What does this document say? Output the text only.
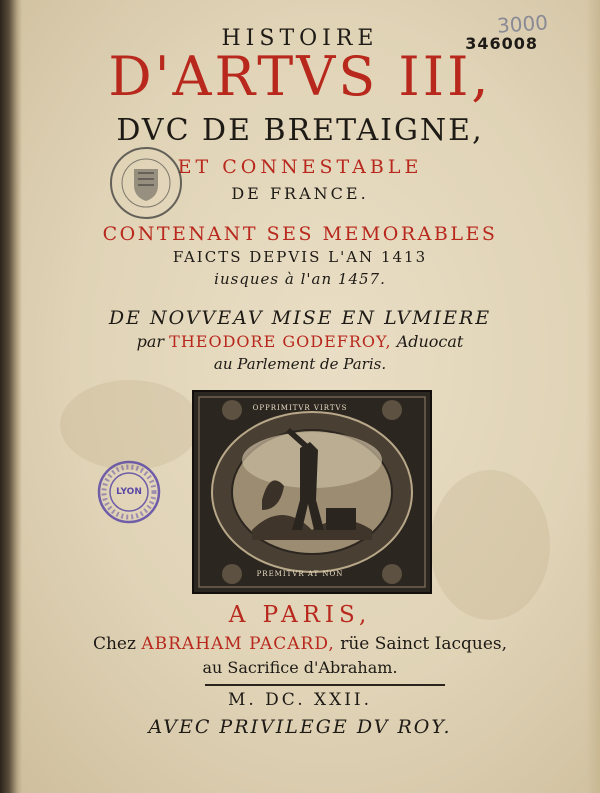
3000
346008
HISTOIRE
D'ARTVS III,
DVC DE BRETAIGNE,
ET CONNESTABLE
DE FRANCE.
CONTENANT SES MEMORABLES
FAICTS DEPVIS L'AN 1413
iusques à l'an 1457.
DE NOVVEAV MISE EN LVMIERE
par THEODORE GODEFROY, Aduocat
au Parlement de Paris.
OPPRIMITVR VIRTVS
PREMITVR AT NON
LYON
A PARIS,
Chez ABRAHAM PACARD, rüe Sainct Iacques,
au Sacrifice d'Abraham.
M. DC. XXII.
AVEC PRIVILEGE DV ROY.
